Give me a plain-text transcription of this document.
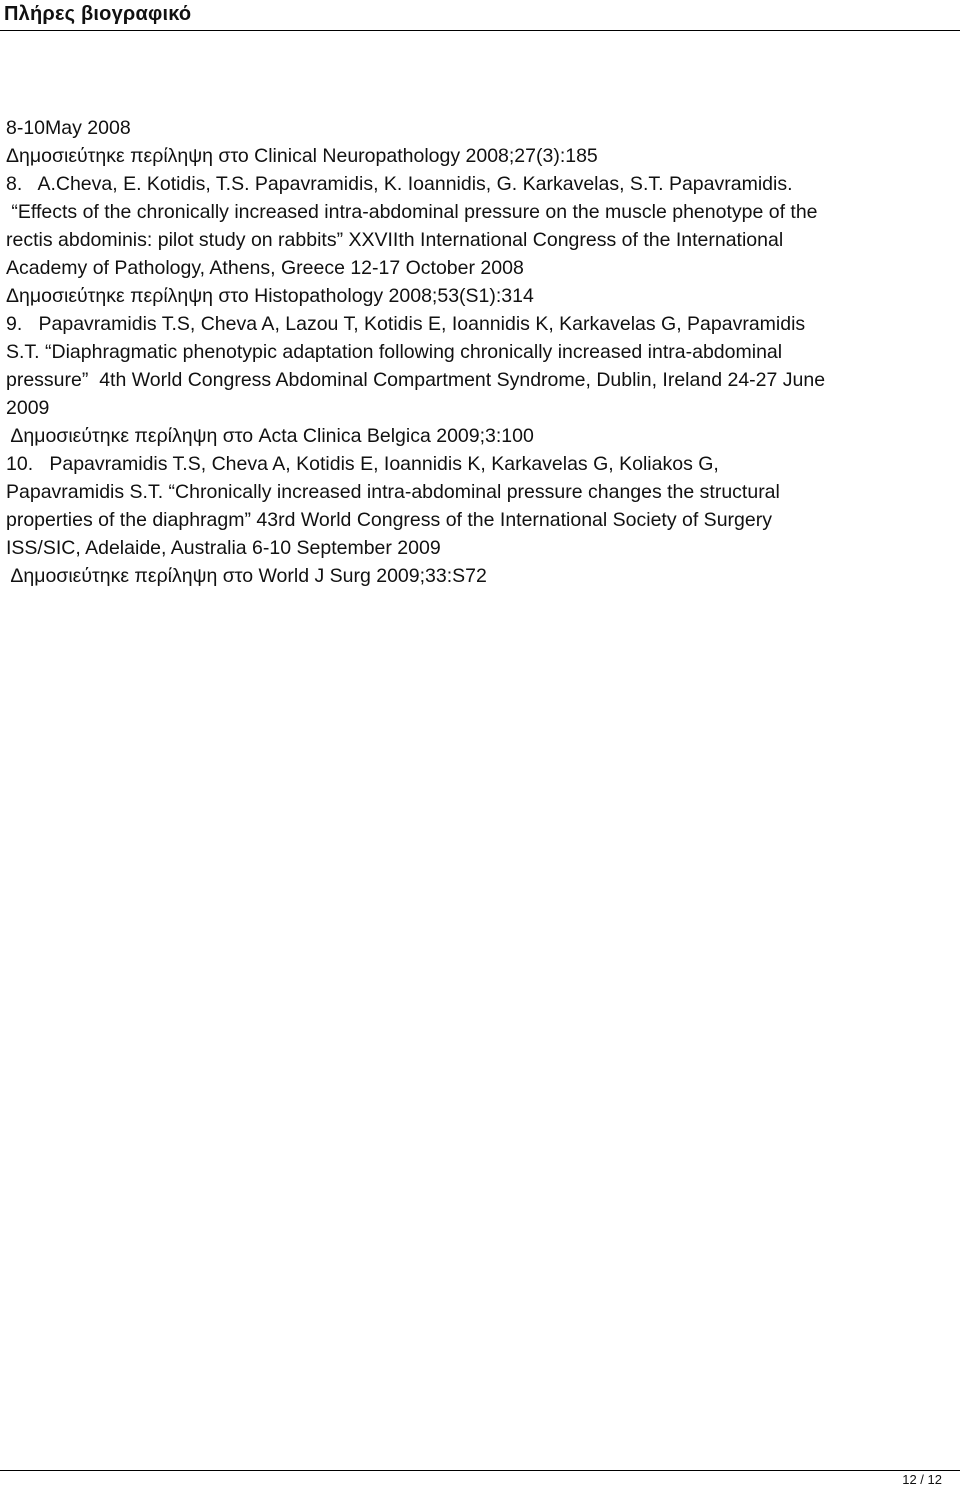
Πλήρες βιογραφικό
8-10May 2008
Δημοσιεύτηκε περίληψη στο Clinical Neuropathology 2008;27(3):185
8.   A.Cheva, E. Kotidis, T.S. Papavramidis, K. Ioannidis, G. Karkavelas, S.T. Papavramidis.
“Effects of the chronically increased intra-abdominal pressure on the muscle phenotype of the
rectis abdominis: pilot study on rabbits” XXVIIth International Congress of the International
Academy of Pathology, Athens, Greece 12-17 October 2008
Δημοσιεύτηκε περίληψη στο Histopathology 2008;53(S1):314
9.   Papavramidis T.S, Cheva A, Lazou T, Kotidis E, Ioannidis K, Karkavelas G, Papavramidis
S.T. “Diaphragmatic phenotypic adaptation following chronically increased intra-abdominal
pressure”  4th World Congress Abdominal Compartment Syndrome, Dublin, Ireland 24-27 June
2009
Δημοσιεύτηκε περίληψη στο Acta Clinica Belgica 2009;3:100
10.   Papavramidis T.S, Cheva A, Kotidis E, Ioannidis K, Karkavelas G, Koliakos G,
Papavramidis S.T. “Chronically increased intra-abdominal pressure changes the structural
properties of the diaphragm” 43rd World Congress of the International Society of Surgery
ISS/SIC, Adelaide, Australia 6-10 September 2009
Δημοσιεύτηκε περίληψη στο World J Surg 2009;33:S72
12 / 12
